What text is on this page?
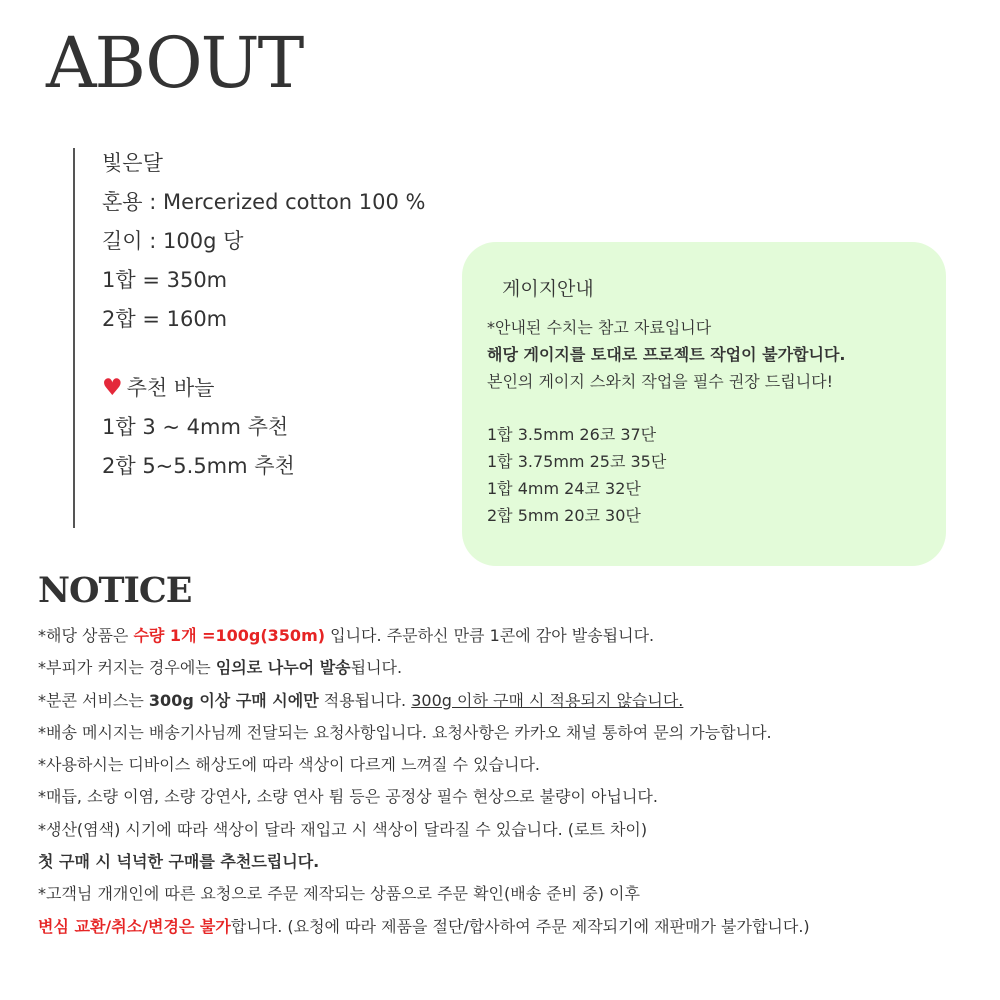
ABOUT
빛은달
혼용 : Mercerized cotton 100 %
길이 : 100g 당
1합 = 350m
2합 = 160m
♥ 추천 바늘
1합 3 ~ 4mm 추천
2합 5~5.5mm 추천
게이지안내
*안내된 수치는 참고 자료입니다
해당 게이지를 토대로 프로젝트 작업이 불가합니다.
본인의 게이지 스와치 작업을 필수 권장 드립니다!
1합 3.5mm 26코 37단
1합 3.75mm 25코 35단
1합 4mm 24코 32단
2합 5mm 20코 30단
NOTICE
*해당 상품은 수량 1개 =100g(350m) 입니다. 주문하신 만큼 1콘에 감아 발송됩니다.
*부피가 커지는 경우에는 임의로 나누어 발송됩니다.
*분콘 서비스는 300g 이상 구매 시에만 적용됩니다. 300g 이하 구매 시 적용되지 않습니다.
*배송 메시지는 배송기사님께 전달되는 요청사항입니다. 요청사항은 카카오 채널 통하여 문의 가능합니다.
*사용하시는 디바이스 해상도에 따라 색상이 다르게 느껴질 수 있습니다.
*매듭, 소량 이염, 소량 강연사, 소량 연사 튐 등은 공정상 필수 현상으로 불량이 아닙니다.
*생산(염색) 시기에 따라 색상이 달라 재입고 시 색상이 달라질 수 있습니다. (로트 차이)
첫 구매 시 넉넉한 구매를 추천드립니다.
*고객님 개개인에 따른 요청으로 주문 제작되는 상품으로 주문 확인(배송 준비 중) 이후
변심 교환/취소/변경은 불가합니다. (요청에 따라 제품을 절단/합사하여 주문 제작되기에 재판매가 불가합니다.)
